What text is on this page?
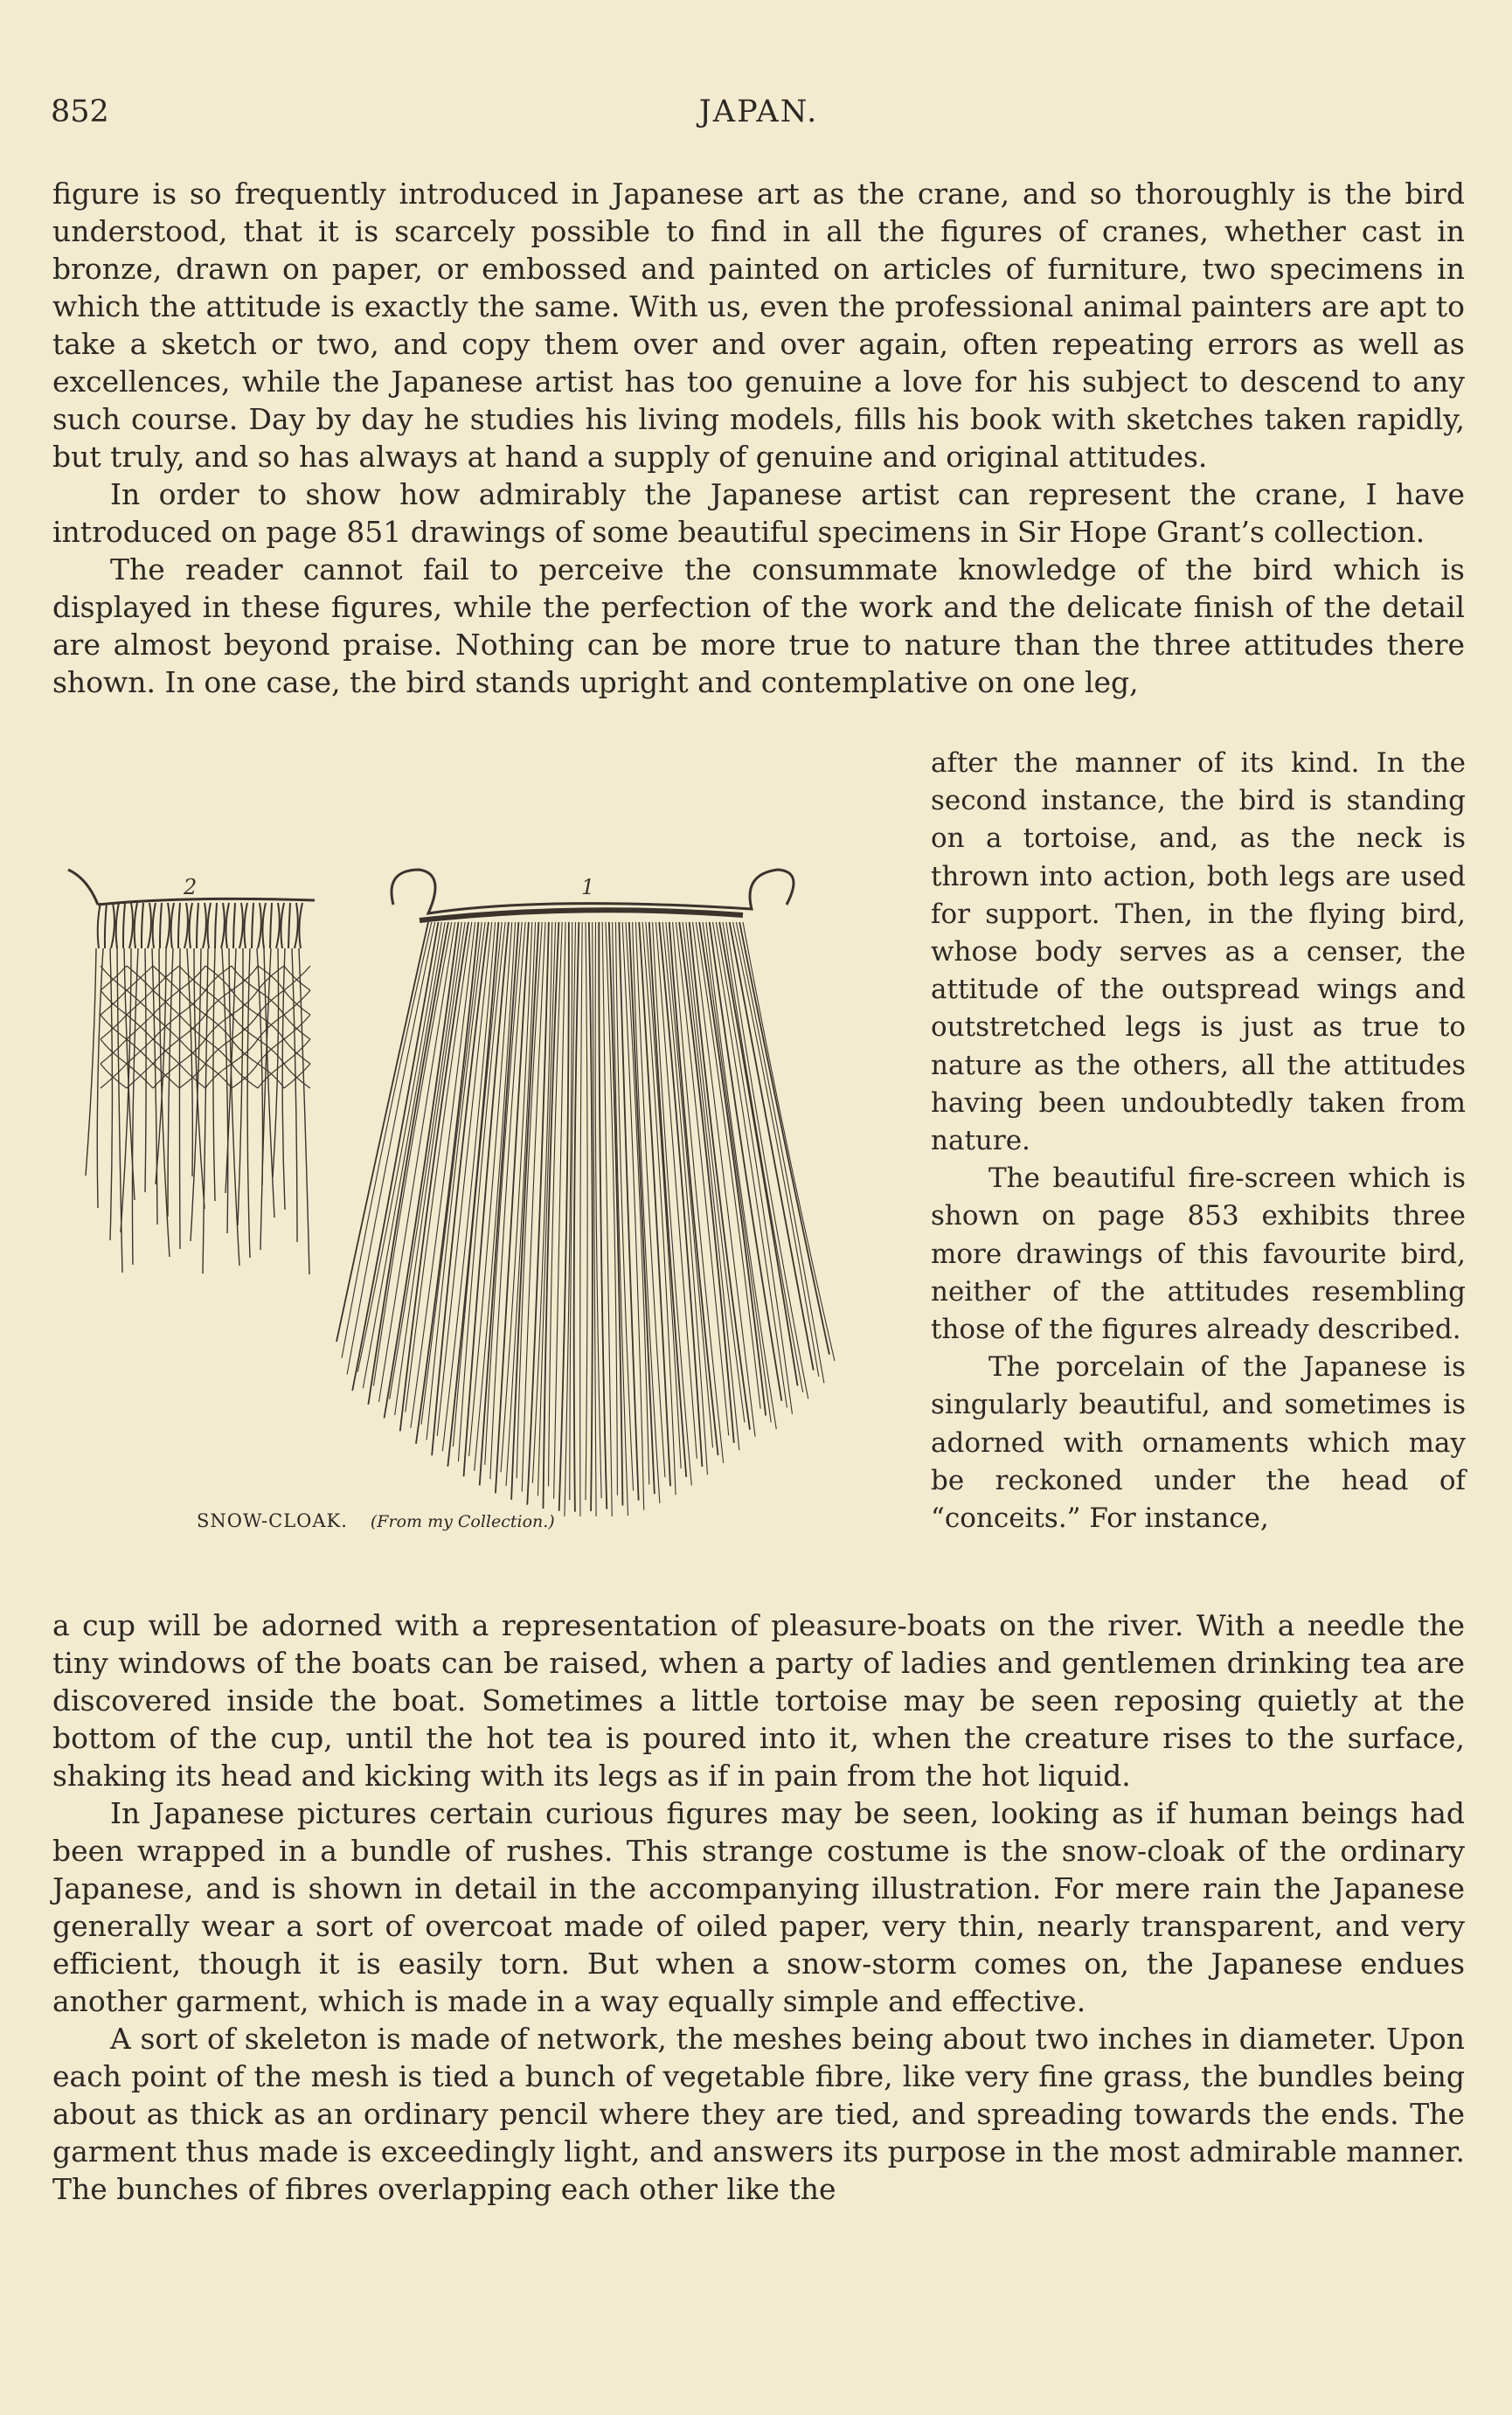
852	JAPAN.

figure is so frequently introduced in Japanese art as the crane, and so thoroughly is the bird understood, that it is scarcely possible to find in all the figures of cranes, whether cast in bronze, drawn on paper, or embossed and painted on articles of furniture, two specimens in which the attitude is exactly the same. With us, even the professional animal painters are apt to take a sketch or two, and copy them over and over again, often repeating errors as well as excellences, while the Japanese artist has too genuine a love for his subject to descend to any such course. Day by day he studies his living models, fills his book with sketches taken rapidly, but truly, and so has always at hand a supply of genuine and original attitudes.

In order to show how admirably the Japanese artist can represent the crane, I have introduced on page 851 drawings of some beautiful specimens in Sir Hope Grant’s collection.

The reader cannot fail to perceive the consummate knowledge of the bird which is displayed in these figures, while the perfection of the work and the delicate finish of the detail are almost beyond praise. Nothing can be more true to nature than the three attitudes there shown. In one case, the bird stands upright and contemplative on one leg,

2	1
SNOW-CLOAK. (From my Collection.)

after the manner of its kind. In the second instance, the bird is standing on a tortoise, and, as the neck is thrown into action, both legs are used for support. Then, in the flying bird, whose body serves as a censer, the attitude of the outspread wings and outstretched legs is just as true to nature as the others, all the attitudes having been undoubtedly taken from nature.

The beautiful fire-screen which is shown on page 853 exhibits three more drawings of this favourite bird, neither of the attitudes resembling those of the figures already described.

The porcelain of the Japanese is singularly beautiful, and sometimes is adorned with ornaments which may be reckoned under the head of “conceits.” For instance,

a cup will be adorned with a representation of pleasure-boats on the river. With a needle the tiny windows of the boats can be raised, when a party of ladies and gentlemen drinking tea are discovered inside the boat. Sometimes a little tortoise may be seen reposing quietly at the bottom of the cup, until the hot tea is poured into it, when the creature rises to the surface, shaking its head and kicking with its legs as if in pain from the hot liquid.

In Japanese pictures certain curious figures may be seen, looking as if human beings had been wrapped in a bundle of rushes. This strange costume is the snow-cloak of the ordinary Japanese, and is shown in detail in the accompanying illustration. For mere rain the Japanese generally wear a sort of overcoat made of oiled paper, very thin, nearly transparent, and very efficient, though it is easily torn. But when a snow-storm comes on, the Japanese endues another garment, which is made in a way equally simple and effective.

A sort of skeleton is made of network, the meshes being about two inches in diameter. Upon each point of the mesh is tied a bunch of vegetable fibre, like very fine grass, the bundles being about as thick as an ordinary pencil where they are tied, and spreading towards the ends. The garment thus made is exceedingly light, and answers its purpose in the most admirable manner. The bunches of fibres overlapping each other like the
